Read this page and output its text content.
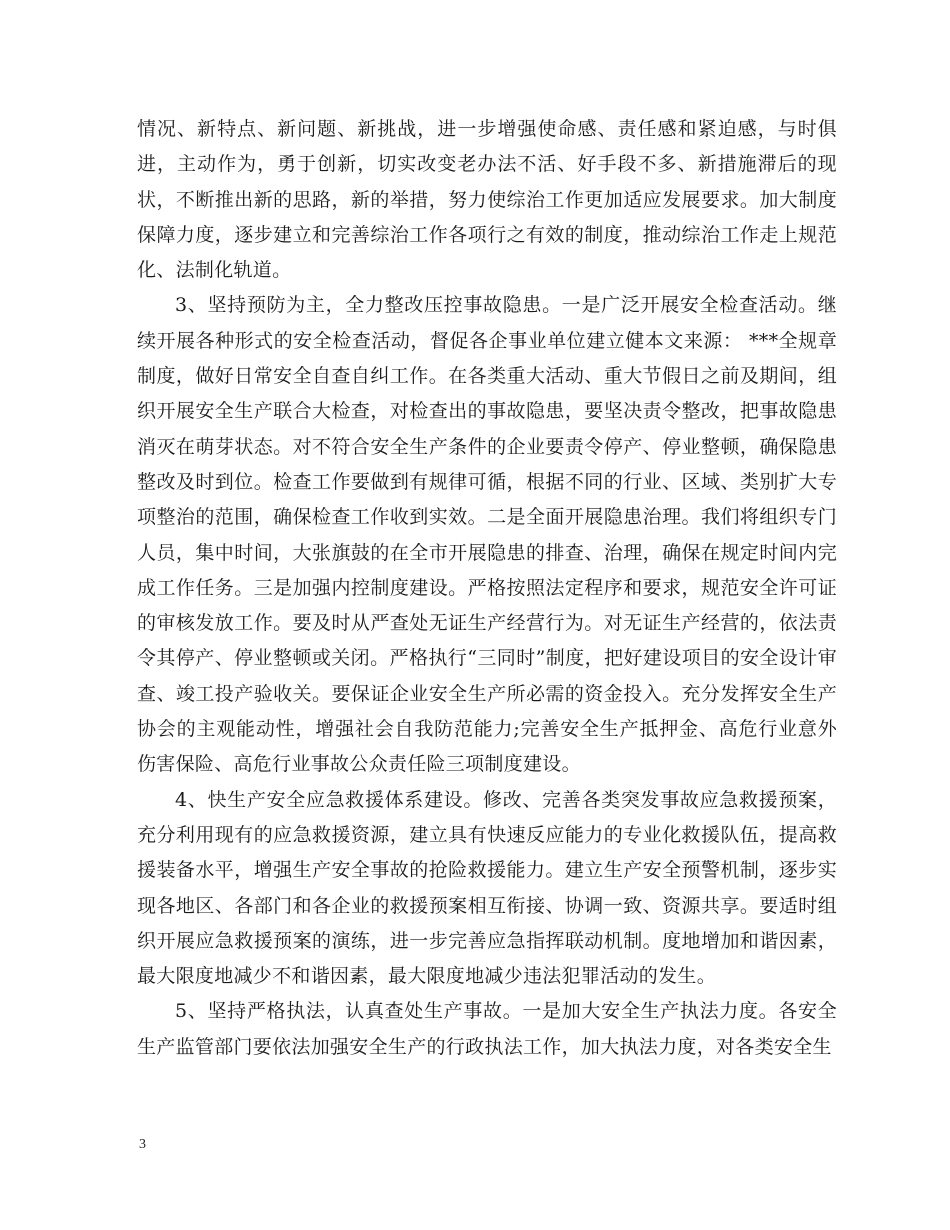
情况、新特点、新问题、新挑战，进一步增强使命感、责任感和紧迫感，与时俱进，主动作为，勇于创新，切实改变老办法不活、好手段不多、新措施滞后的现状，不断推出新的思路，新的举措，努力使综治工作更加适应发展要求。加大制度保障力度，逐步建立和完善综治工作各项行之有效的制度，推动综治工作走上规范化、法制化轨道。

3、坚持预防为主，全力整改压控事故隐患。一是广泛开展安全检查活动。继续开展各种形式的安全检查活动，督促各企事业单位建立健本文来源： ***全规章制度，做好日常安全自查自纠工作。在各类重大活动、重大节假日之前及期间，组织开展安全生产联合大检查，对检查出的事故隐患，要坚决责令整改，把事故隐患消灭在萌芽状态。对不符合安全生产条件的企业要责令停产、停业整顿，确保隐患整改及时到位。检查工作要做到有规律可循，根据不同的行业、区域、类别扩大专项整治的范围，确保检查工作收到实效。二是全面开展隐患治理。我们将组织专门人员，集中时间，大张旗鼓的在全市开展隐患的排查、治理，确保在规定时间内完成工作任务。三是加强内控制度建设。严格按照法定程序和要求，规范安全许可证的审核发放工作。要及时从严查处无证生产经营行为。对无证生产经营的，依法责令其停产、停业整顿或关闭。严格执行“三同时”制度，把好建设项目的安全设计审查、竣工投产验收关。要保证企业安全生产所必需的资金投入。充分发挥安全生产协会的主观能动性，增强社会自我防范能力;完善安全生产抵押金、高危行业意外伤害保险、高危行业事故公众责任险三项制度建设。

4、快生产安全应急救援体系建设。修改、完善各类突发事故应急救援预案，充分利用现有的应急救援资源，建立具有快速反应能力的专业化救援队伍，提高救援装备水平，增强生产安全事故的抢险救援能力。建立生产安全预警机制，逐步实现各地区、各部门和各企业的救援预案相互衔接、协调一致、资源共享。要适时组织开展应急救援预案的演练，进一步完善应急指挥联动机制。度地增加和谐因素，最大限度地减少不和谐因素，最大限度地减少违法犯罪活动的发生。

5、坚持严格执法，认真查处生产事故。一是加大安全生产执法力度。各安全生产监管部门要依法加强安全生产的行政执法工作，加大执法力度，对各类安全生

3
